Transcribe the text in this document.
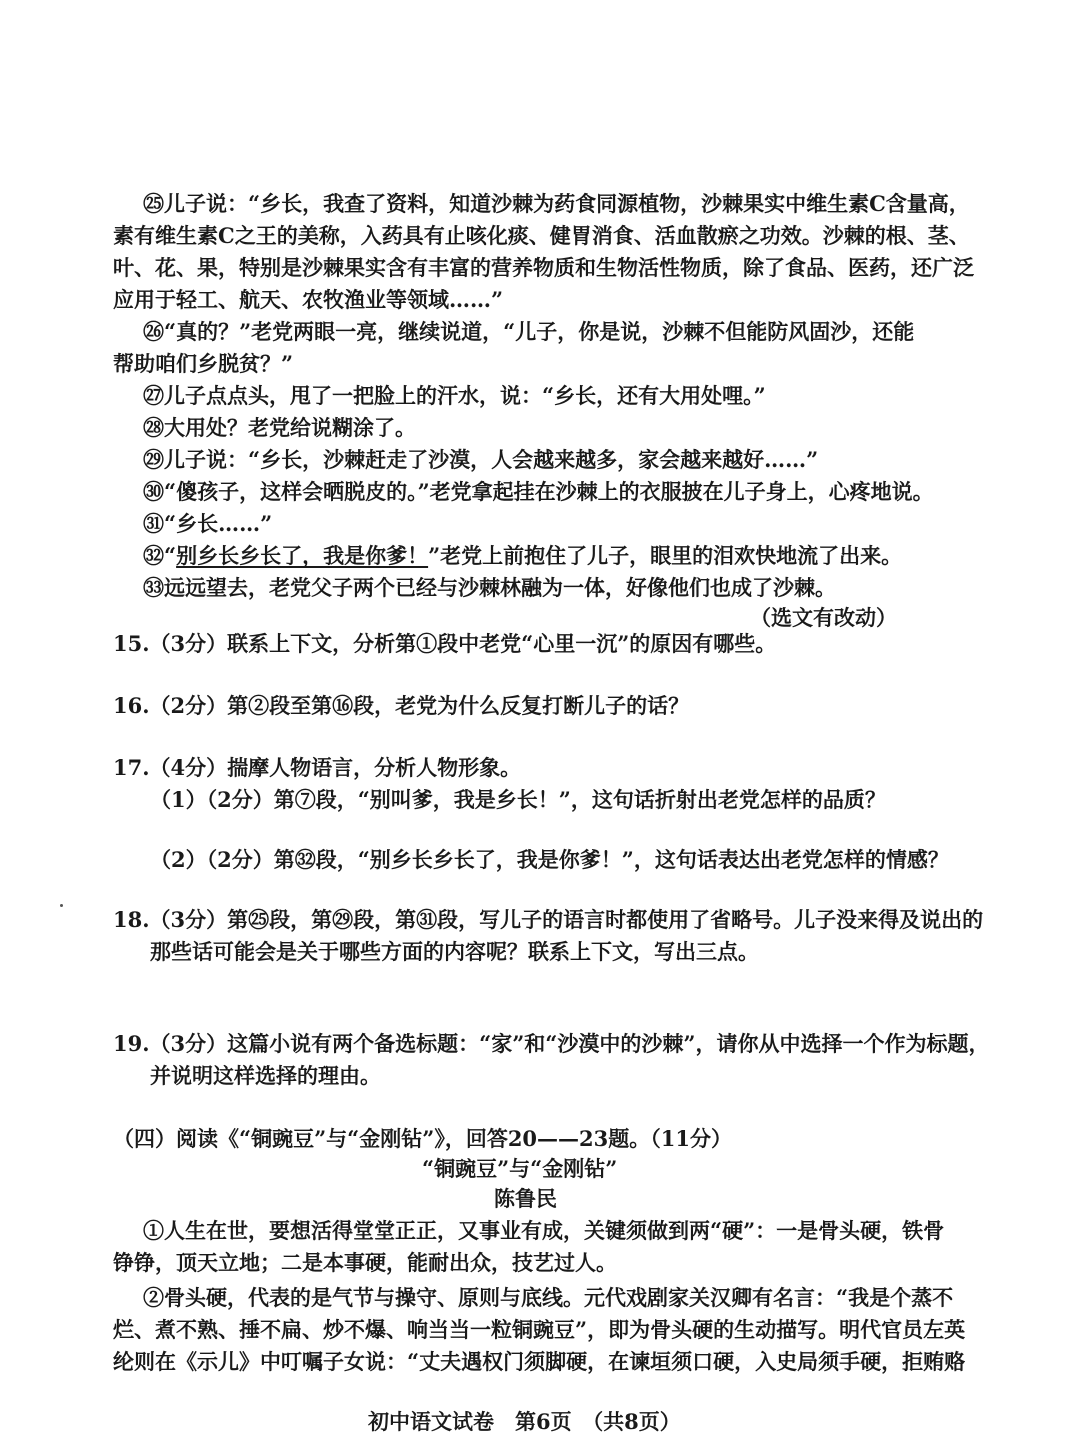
㉕儿子说：“乡长，我查了资料，知道沙棘为药食同源植物，沙棘果实中维生素C含量高，
素有维生素C之王的美称，入药具有止咳化痰、健胃消食、活血散瘀之功效。沙棘的根、茎、
叶、花、果，特别是沙棘果实含有丰富的营养物质和生物活性物质，除了食品、医药，还广泛
应用于轻工、航天、农牧渔业等领域……”
㉖“真的？”老党两眼一亮，继续说道，“儿子，你是说，沙棘不但能防风固沙，还能
帮助咱们乡脱贫？”
㉗儿子点点头，甩了一把脸上的汗水，说：“乡长，还有大用处哩。”
㉘大用处？老党给说糊涂了。
㉙儿子说：“乡长，沙棘赶走了沙漠，人会越来越多，家会越来越好……”
㉚“傻孩子，这样会晒脱皮的。”老党拿起挂在沙棘上的衣服披在儿子身上，心疼地说。
㉛“乡长……”
㉜“别乡长乡长了，我是你爹！”老党上前抱住了儿子，眼里的泪欢快地流了出来。
㉝远远望去，老党父子两个已经与沙棘林融为一体，好像他们也成了沙棘。
（选文有改动）
15.（3分）联系上下文，分析第①段中老党“心里一沉”的原因有哪些。
16.（2分）第②段至第⑯段，老党为什么反复打断儿子的话？
17.（4分）揣摩人物语言，分析人物形象。
（1）（2分）第⑦段，“别叫爹，我是乡长！”，这句话折射出老党怎样的品质？
（2）（2分）第㉜段，“别乡长乡长了，我是你爹！”，这句话表达出老党怎样的情感？
18.（3分）第㉕段，第㉙段，第㉛段，写儿子的语言时都使用了省略号。儿子没来得及说出的
那些话可能会是关于哪些方面的内容呢？联系上下文，写出三点。
19.（3分）这篇小说有两个备选标题：“家”和“沙漠中的沙棘”，请你从中选择一个作为标题，
并说明这样选择的理由。
（四）阅读《“铜豌豆”与“金刚钻”》，回答20——23题。（11分）
“铜豌豆”与“金刚钻”
陈鲁民
①人生在世，要想活得堂堂正正，又事业有成，关键须做到两“硬”：一是骨头硬，铁骨
铮铮，顶天立地；二是本事硬，能耐出众，技艺过人。
②骨头硬，代表的是气节与操守、原则与底线。元代戏剧家关汉卿有名言：“我是个蒸不
烂、煮不熟、捶不扁、炒不爆、响当当一粒铜豌豆”，即为骨头硬的生动描写。明代官员左英
纶则在《示儿》中叮嘱子女说：“丈夫遇权门须脚硬，在谏垣须口硬，入史局须手硬，拒贿赂
初中语文试卷　第6页　（共8页）
